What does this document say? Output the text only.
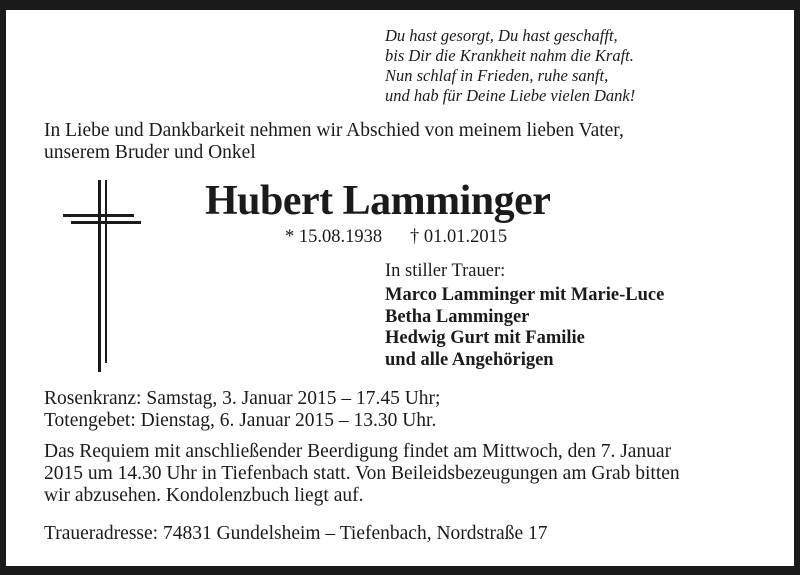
Du hast gesorgt, Du hast geschafft,
bis Dir die Krankheit nahm die Kraft.
Nun schlaf in Frieden, ruhe sanft,
und hab für Deine Liebe vielen Dank!
In Liebe und Dankbarkeit nehmen wir Abschied von meinem lieben Vater,
unserem Bruder und Onkel
Hubert Lamminger
* 15.08.1938 † 01.01.2015
In stiller Trauer:
Marco Lamminger mit Marie-Luce
Betha Lamminger
Hedwig Gurt mit Familie
und alle Angehörigen
Rosenkranz: Samstag, 3. Januar 2015 – 17.45 Uhr;
Totengebet: Dienstag, 6. Januar 2015 – 13.30 Uhr.
Das Requiem mit anschließender Beerdigung findet am Mittwoch, den 7. Januar
2015 um 14.30 Uhr in Tiefenbach statt. Von Beileidsbezeugungen am Grab bitten
wir abzusehen. Kondolenzbuch liegt auf.
Traueradresse: 74831 Gundelsheim – Tiefenbach, Nordstraße 17
